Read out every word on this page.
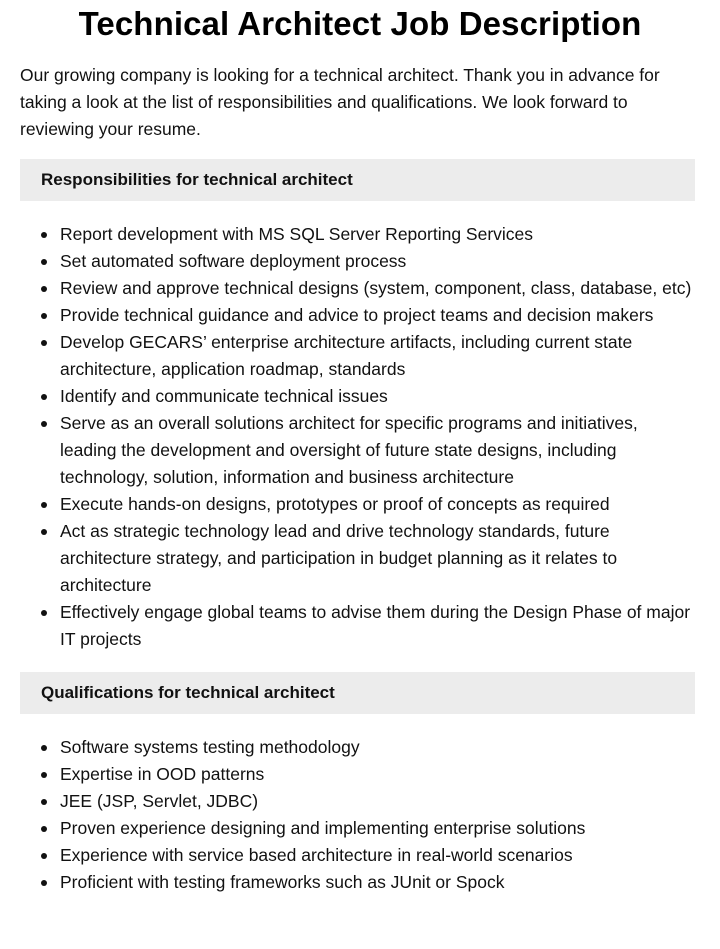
Technical Architect Job Description

Our growing company is looking for a technical architect. Thank you in advance for taking a look at the list of responsibilities and qualifications. We look forward to reviewing your resume.

Responsibilities for technical architect
Report development with MS SQL Server Reporting Services
Set automated software deployment process
Review and approve technical designs (system, component, class, database, etc)
Provide technical guidance and advice to project teams and decision makers
Develop GECARS’ enterprise architecture artifacts, including current state architecture, application roadmap, standards
Identify and communicate technical issues
Serve as an overall solutions architect for specific programs and initiatives, leading the development and oversight of future state designs, including technology, solution, information and business architecture
Execute hands-on designs, prototypes or proof of concepts as required
Act as strategic technology lead and drive technology standards, future architecture strategy, and participation in budget planning as it relates to architecture
Effectively engage global teams to advise them during the Design Phase of major IT projects
Qualifications for technical architect
Software systems testing methodology
Expertise in OOD patterns
JEE (JSP, Servlet, JDBC)
Proven experience designing and implementing enterprise solutions
Experience with service based architecture in real-world scenarios
Proficient with testing frameworks such as JUnit or Spock
